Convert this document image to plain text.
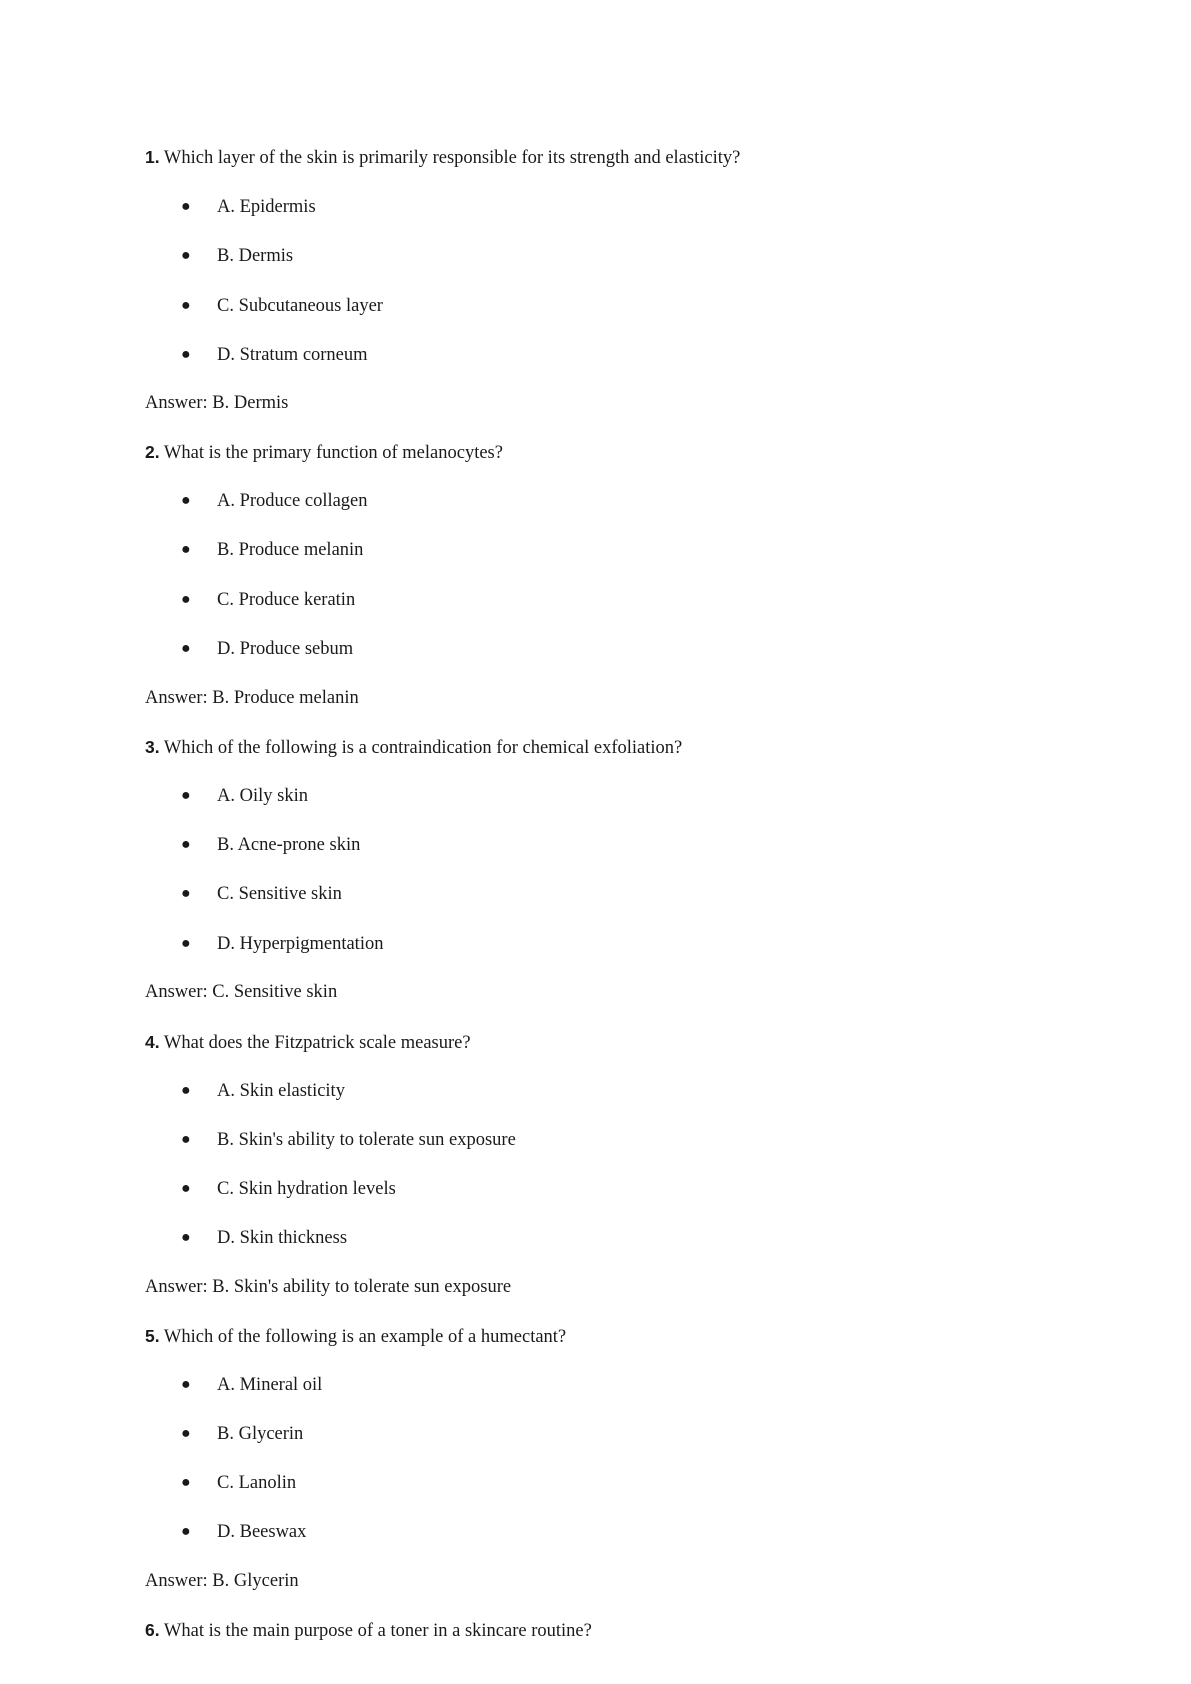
1. Which layer of the skin is primarily responsible for its strength and elasticity?
● A. Epidermis
● B. Dermis
● C. Subcutaneous layer
● D. Stratum corneum
Answer: B. Dermis
2. What is the primary function of melanocytes?
● A. Produce collagen
● B. Produce melanin
● C. Produce keratin
● D. Produce sebum
Answer: B. Produce melanin
3. Which of the following is a contraindication for chemical exfoliation?
● A. Oily skin
● B. Acne-prone skin
● C. Sensitive skin
● D. Hyperpigmentation
Answer: C. Sensitive skin
4. What does the Fitzpatrick scale measure?
● A. Skin elasticity
● B. Skin's ability to tolerate sun exposure
● C. Skin hydration levels
● D. Skin thickness
Answer: B. Skin's ability to tolerate sun exposure
5. Which of the following is an example of a humectant?
● A. Mineral oil
● B. Glycerin
● C. Lanolin
● D. Beeswax
Answer: B. Glycerin
6. What is the main purpose of a toner in a skincare routine?
